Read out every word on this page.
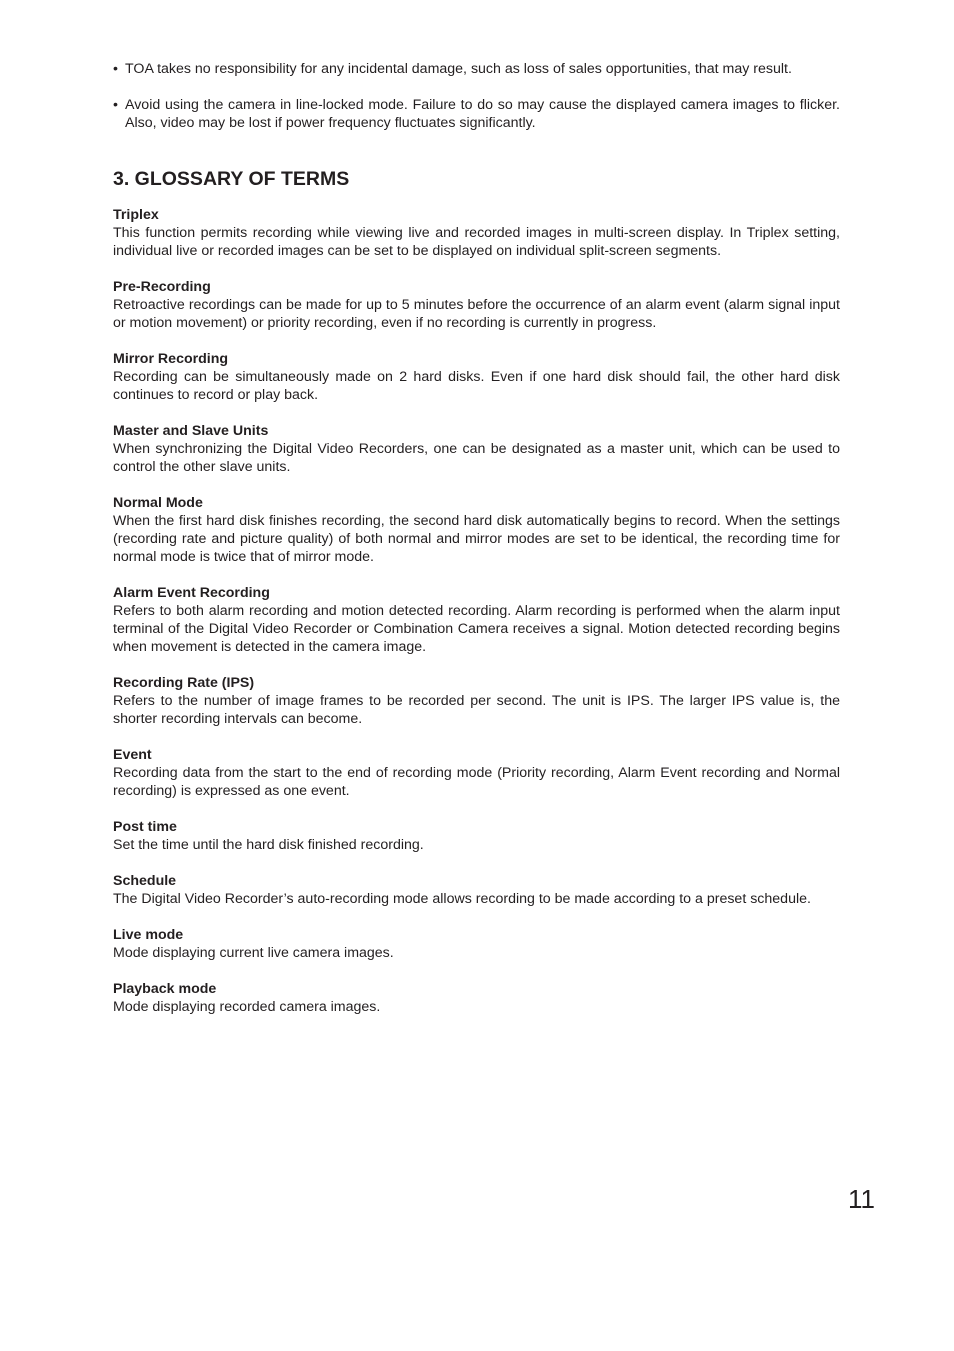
• TOA takes no responsibility for any incidental damage, such as loss of sales opportunities, that may result.
• Avoid using the camera in line-locked mode. Failure to do so may cause the displayed camera images to flicker. Also, video may be lost if power frequency fluctuates significantly.
3. GLOSSARY OF TERMS
Triplex
This function permits recording while viewing live and recorded images in multi-screen display. In Triplex setting, individual live or recorded images can be set to be displayed on individual split-screen segments.
Pre-Recording
Retroactive recordings can be made for up to 5 minutes before the occurrence of an alarm event (alarm signal input or motion movement) or priority recording, even if no recording is currently in progress.
Mirror Recording
Recording can be simultaneously made on 2 hard disks. Even if one hard disk should fail, the other hard disk continues to record or play back.
Master and Slave Units
When synchronizing the Digital Video Recorders, one can be designated as a master unit, which can be used to control the other slave units.
Normal Mode
When the first hard disk finishes recording, the second hard disk automatically begins to record. When the settings (recording rate and picture quality) of both normal and mirror modes are set to be identical, the recording time for normal mode is twice that of mirror mode.
Alarm Event Recording
Refers to both alarm recording and motion detected recording. Alarm recording is performed when the alarm input terminal of the Digital Video Recorder or Combination Camera receives a signal. Motion detected recording begins when movement is detected in the camera image.
Recording Rate (IPS)
Refers to the number of image frames to be recorded per second. The unit is IPS. The larger IPS value is, the shorter recording intervals can become.
Event
Recording data from the start to the end of recording mode (Priority recording, Alarm Event recording and Normal recording) is expressed as one event.
Post time
Set the time until the hard disk finished recording.
Schedule
The Digital Video Recorder’s auto-recording mode allows recording to be made according to a preset schedule.
Live mode
Mode displaying current live camera images.
Playback mode
Mode displaying recorded camera images.
11
